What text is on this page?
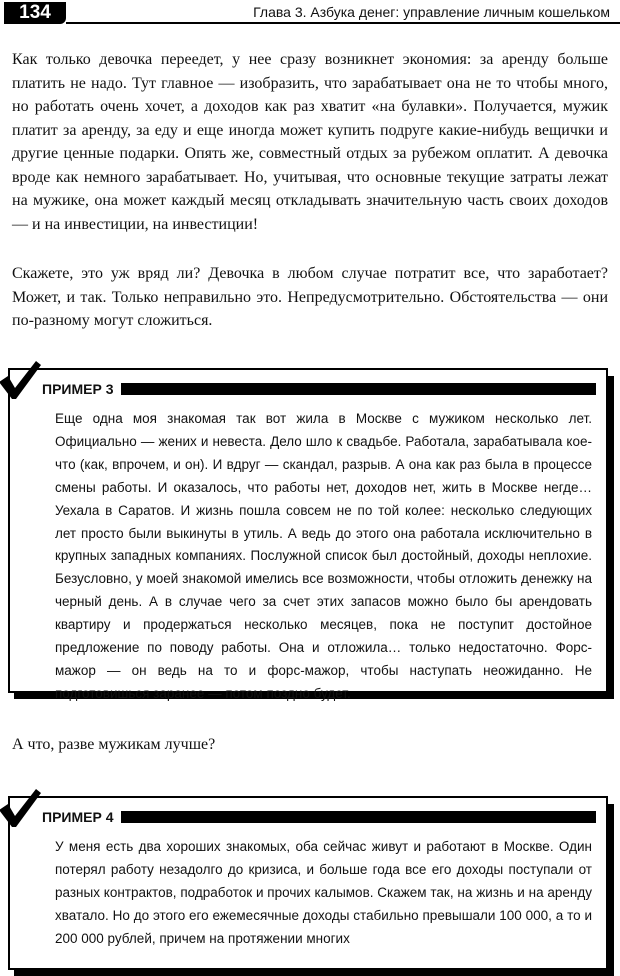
134	Глава 3. Азбука денег: управление личным кошельком

Как только девочка переедет, у нее сразу возникнет экономия: за аренду больше платить не надо. Тут главное — изобразить, что зарабатывает она не то чтобы много, но работать очень хочет, а доходов как раз хватит «на булавки». Получается, мужик платит за аренду, за еду и еще иногда может купить подруге какие-нибудь вещички и другие ценные подарки. Опять же, совместный отдых за рубежом оплатит. А девочка вроде как немного зарабатывает. Но, учитывая, что основные текущие затраты лежат на мужике, она может каждый месяц откладывать значительную часть своих доходов — и на инвестиции, на инвестиции!

Скажете, это уж вряд ли? Девочка в любом случае потратит все, что заработает? Может, и так. Только неправильно это. Непредусмотрительно. Обстоятельства — они по-разному могут сложиться.

ПРИМЕР 3

Еще одна моя знакомая так вот жила в Москве с мужиком несколько лет. Официально — жених и невеста. Дело шло к свадьбе. Работала, зарабатывала кое-что (как, впрочем, и он). И вдруг — скандал, разрыв. А она как раз была в процессе смены работы. И оказалось, что работы нет, доходов нет, жить в Москве негде… Уехала в Саратов. И жизнь пошла совсем не по той колее: несколько следующих лет просто были выкинуты в утиль. А ведь до этого она работала исключительно в крупных западных компаниях. Послужной список был достойный, доходы неплохие. Безусловно, у моей знакомой имелись все возможности, чтобы отложить денежку на черный день. А в случае чего за счет этих запасов можно было бы арендовать квартиру и продержаться несколько месяцев, пока не поступит достойное предложение по поводу работы. Она и отложила… только недостаточно. Форс-мажор — он ведь на то и форс-мажор, чтобы наступать неожиданно. Не подготовишься заранее — потом поздно будет.

А что, разве мужикам лучше?

ПРИМЕР 4

У меня есть два хороших знакомых, оба сейчас живут и работают в Москве. Один потерял работу незадолго до кризиса, и больше года все его доходы поступали от разных контрактов, подработок и прочих калымов. Скажем так, на жизнь и на аренду хватало. Но до этого его ежемесячные доходы стабильно превышали 100 000, а то и 200 000 рублей, причем на протяжении многих
